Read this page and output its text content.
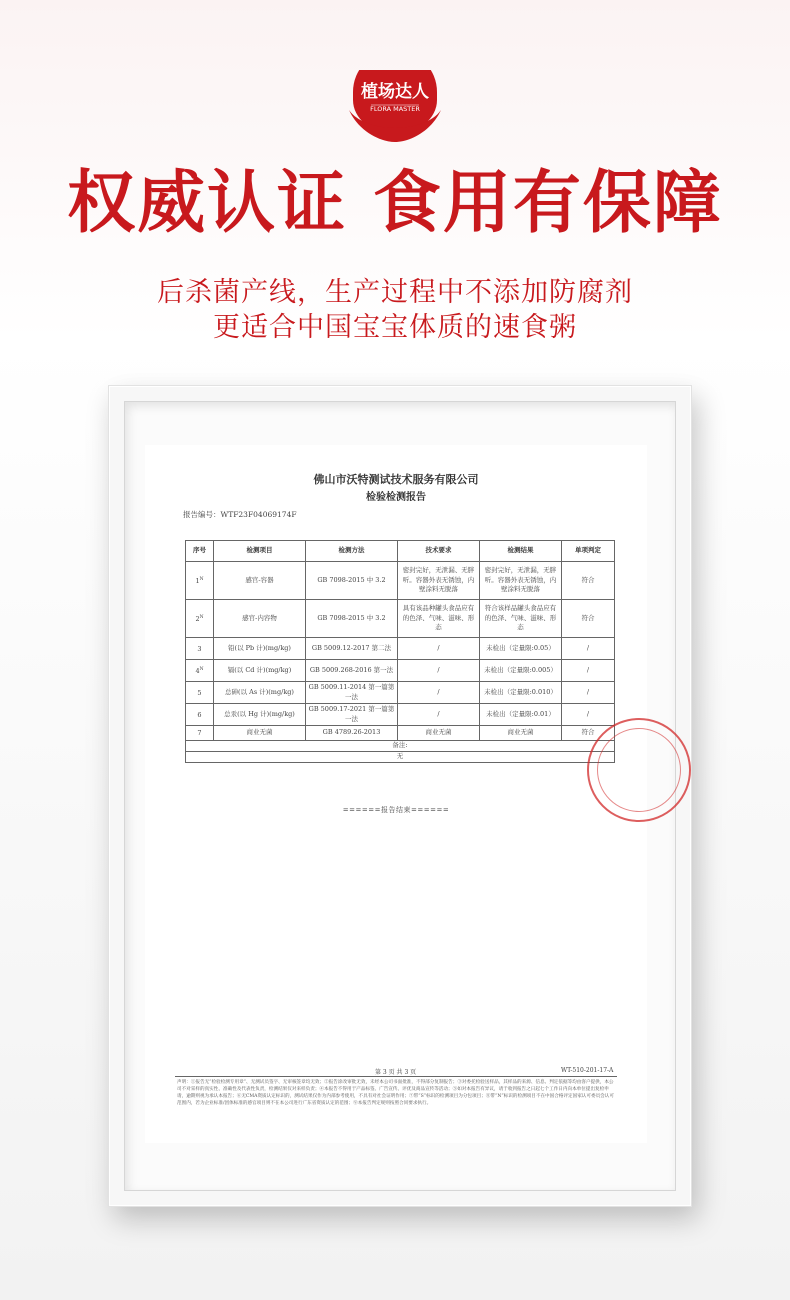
植场达人
FLORA MASTER
权威认证 食用有保障
后杀菌产线，生产过程中不添加防腐剂
更适合中国宝宝体质的速食粥
佛山市沃特测试技术服务有限公司
检验检测报告
报告编号：WTF23F04069174F
序号	检测项目	检测方法	技术要求	检测结果	单项判定
$1^N$	感官-容器	GB 7098-2015 中 3.2	密封完好，无泄漏、无胖听。容器外表无锈蚀，内壁涂料无脱落	密封完好，无泄漏，无胖听。容器外表无锈蚀，内壁涂料无脱落	符合
$2^N$	感官-内容物	GB 7098-2015 中 3.2	具有该品种罐头食品应有的色泽、气味、滋味、形态	符合该样品罐头食品应有的色泽、气味、滋味、形态	符合
3	铅(以 Pb 计)(mg/kg)	GB 5009.12-2017 第二法	/	未检出（定量限:0.05）	/
$4^N$	镉(以 Cd 计)(mg/kg)	GB 5009.268-2016 第一法	/	未检出（定量限:0.005）	/
5	总砷(以 As 计)(mg/kg)	GB 5009.11-2014 第一篇第一法	/	未检出（定量限:0.010）	/
6	总汞(以 Hg 计)(mg/kg)	GB 5009.17-2021 第一篇第一法	/	未检出（定量限:0.01）	/
7	商业无菌	GB 4789.26-2013	商业无菌	商业无菌	符合
备注:					
无					
======报告结束======
第 3 页 共 3 页	WT-510-201-17-A
声明：①报告无“检验检测专用章”、无测试员签字、无审核签章均无效；②报告涂改审批无效，未经本公司书面批准，不得部分复制报告；③对委托检验送样品，其样品的来源、信息、判定依据等均由客户提供，本公司不对采样的真实性、准确性及代表性负责，检测结果仅对来样负责；④本报告不得用于产品标签、广告宣传、评优及商品宣传等活动；⑤如对本报告有异议，请于收到报告之日起七个工作日内向本单位提出复检申请，逾期则视为承认本报告；⑥无CMA资质认定标识的，测试结果仅作为内部参考使用，不具有对社会证明作用；⑦带“S”标识的检测项目为分包项目；⑧带“N”标识的检测项目不在中国合格评定国家认可委员会认可范围内，若为企业标准/团体标准的感官项目则不在本公司进行广东省资质认定的范围；⑨本报告判定规则按照合同要求执行。
